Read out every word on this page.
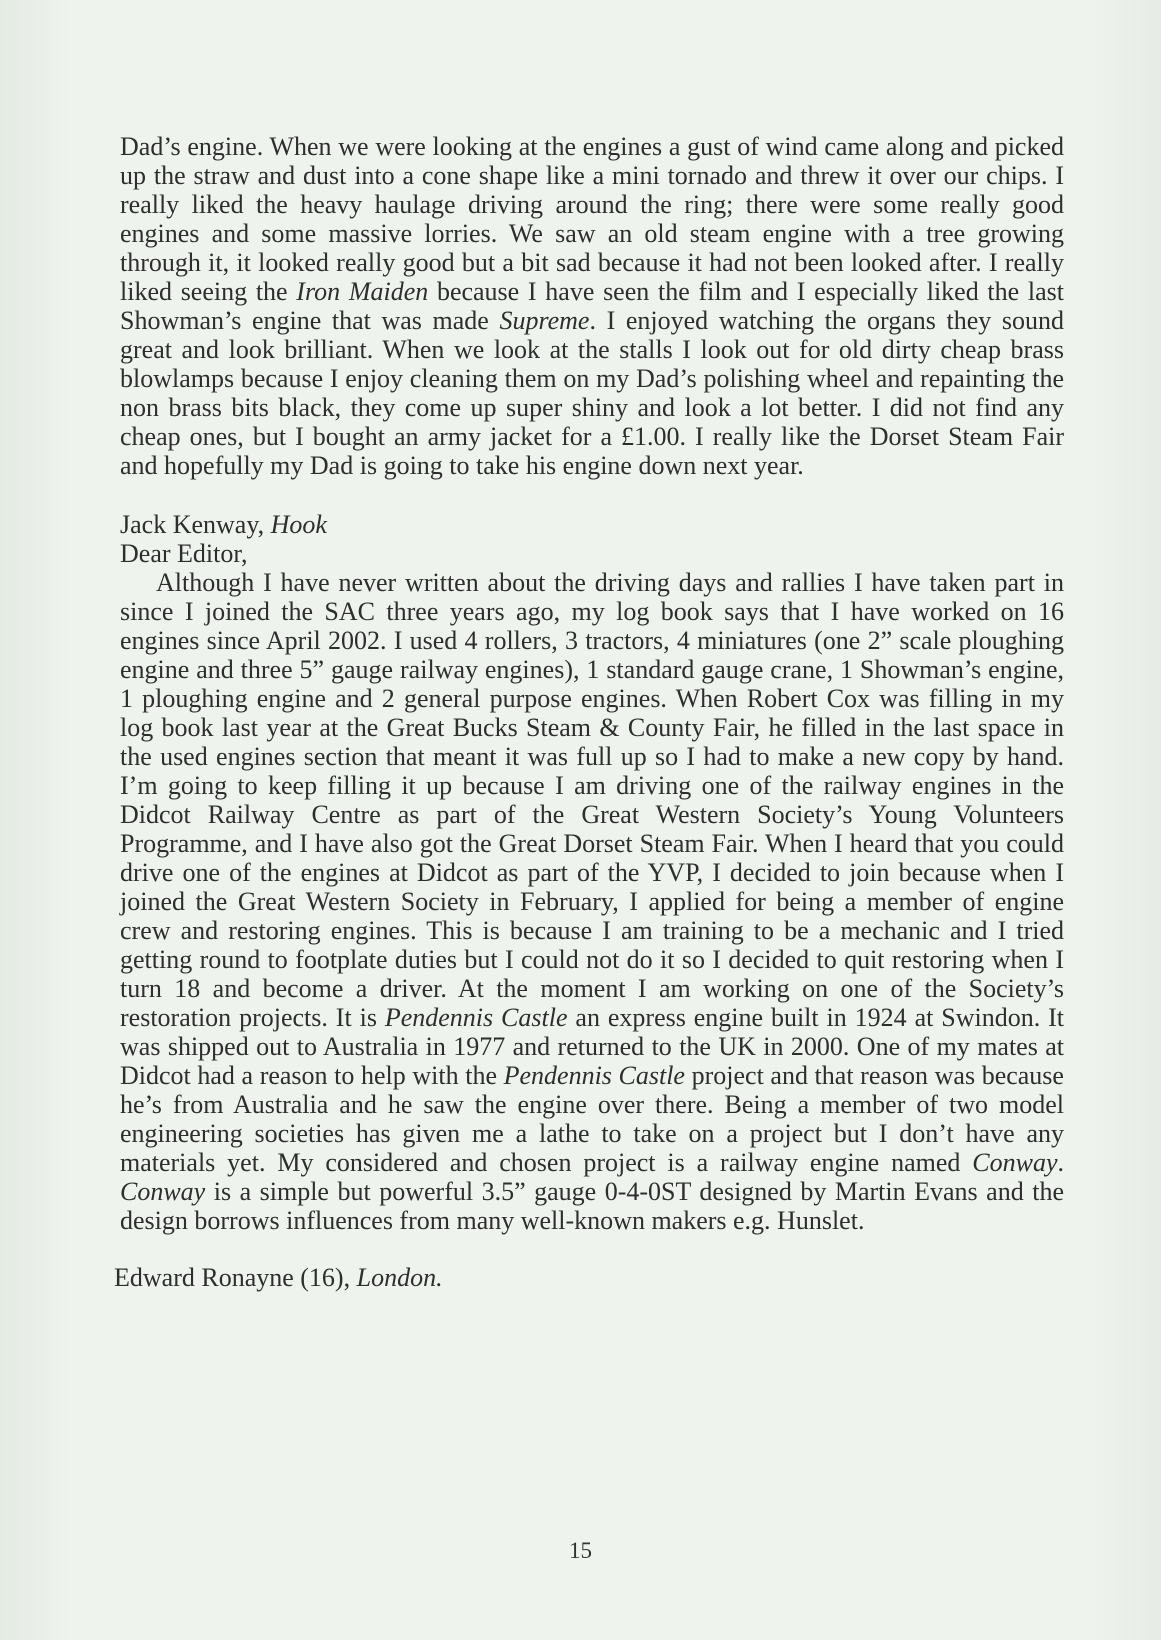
Dad’s engine. When we were looking at the engines a gust of wind came along and picked up the straw and dust into a cone shape like a mini tornado and threw it over our chips. I really liked the heavy haulage driving around the ring; there were some really good engines and some massive lorries. We saw an old steam engine with a tree growing through it, it looked really good but a bit sad because it had not been looked after. I really liked seeing the Iron Maiden because I have seen the film and I especially liked the last Showman’s engine that was made Supreme. I enjoyed watching the organs they sound great and look brilliant. When we look at the stalls I look out for old dirty cheap brass blowlamps because I enjoy cleaning them on my Dad’s polishing wheel and repainting the non brass bits black, they come up super shiny and look a lot better. I did not find any cheap ones, but I bought an army jacket for a £1.00. I really like the Dorset Steam Fair and hopefully my Dad is going to take his engine down next year.

Jack Kenway, Hook

Dear Editor,

Although I have never written about the driving days and rallies I have taken part in since I joined the SAC three years ago, my log book says that I have worked on 16 engines since April 2002. I used 4 rollers, 3 tractors, 4 miniatures (one 2” scale ploughing engine and three 5” gauge railway engines), 1 standard gauge crane, 1 Showman’s engine, 1 ploughing engine and 2 general purpose engines. When Robert Cox was filling in my log book last year at the Great Bucks Steam & County Fair, he filled in the last space in the used engines section that meant it was full up so I had to make a new copy by hand. I’m going to keep filling it up because I am driving one of the railway engines in the Didcot Railway Centre as part of the Great Western Society’s Young Volunteers Programme, and I have also got the Great Dorset Steam Fair. When I heard that you could drive one of the engines at Didcot as part of the YVP, I decided to join because when I joined the Great Western Society in February, I applied for being a member of engine crew and restoring engines. This is because I am training to be a mechanic and I tried getting round to footplate duties but I could not do it so I decided to quit restoring when I turn 18 and become a driver. At the moment I am working on one of the Society’s restoration projects. It is Pendennis Castle an express engine built in 1924 at Swindon. It was shipped out to Australia in 1977 and returned to the UK in 2000. One of my mates at Didcot had a reason to help with the Pendennis Castle project and that reason was because he’s from Australia and he saw the engine over there. Being a member of two model engineering societies has given me a lathe to take on a project but I don’t have any materials yet. My considered and chosen project is a railway engine named Conway. Conway is a simple but powerful 3.5” gauge 0-4-0ST designed by Martin Evans and the design borrows influences from many well-known makers e.g. Hunslet.

Edward Ronayne (16), London.

15
